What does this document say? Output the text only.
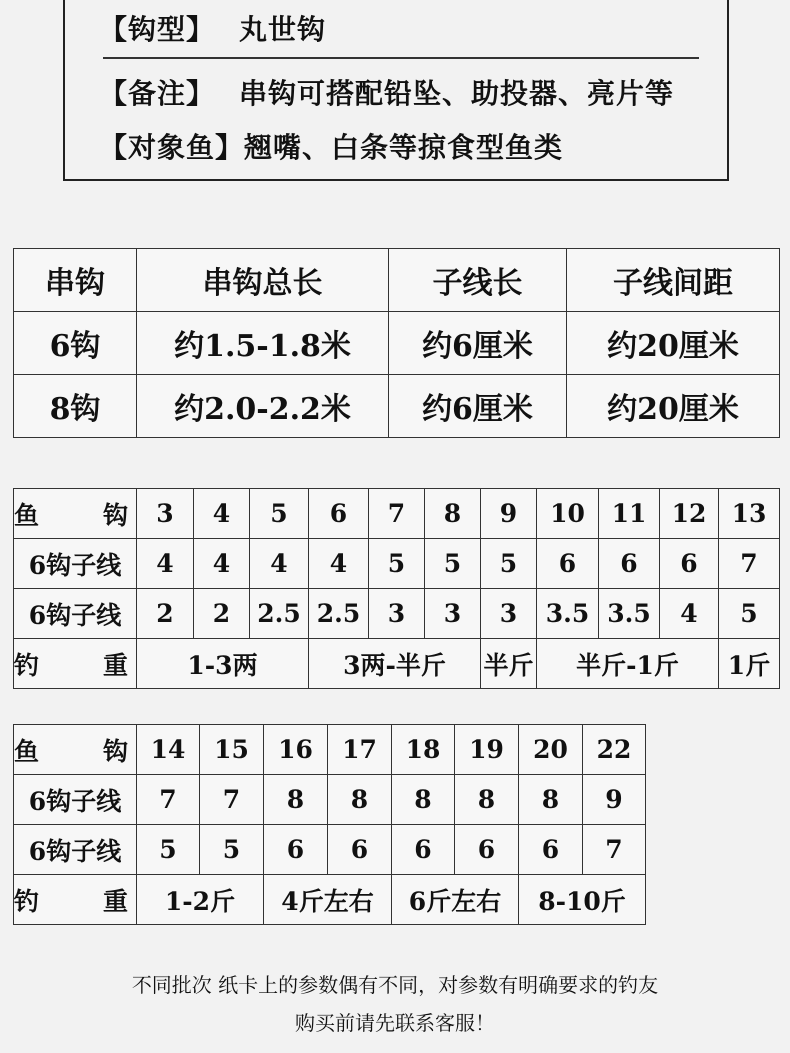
【钩型】 丸世钩
【备注】 串钩可搭配铅坠、助投器、亮片等
【对象鱼】翘嘴、白条等掠食型鱼类
串钩	串钩总长	子线长	子线间距
6钩	约1.5-1.8米	约6厘米	约20厘米
8钩	约2.0-2.2米	约6厘米	约20厘米
鱼 钩	3	4	5	6	7	8	9	10	11	12	13
6钩子线	4	4	4	4	5	5	5	6	6	6	7
6钩子线	2	2	2.5	2.5	3	3	3	3.5	3.5	4	5

钓 重	1-3两			3两-半斤			半斤	半斤-1斤			1斤
鱼 钩	14	15	16	17	18	19	20	22
6钩子线	7	7	8	8	8	8	8	9
6钩子线	5	5	6	6	6	6	6	7

钓 重	1-2斤		4斤左右		6斤左右		8-10斤	
不同批次 纸卡上的参数偶有不同，对参数有明确要求的钓友
购买前请先联系客服！
